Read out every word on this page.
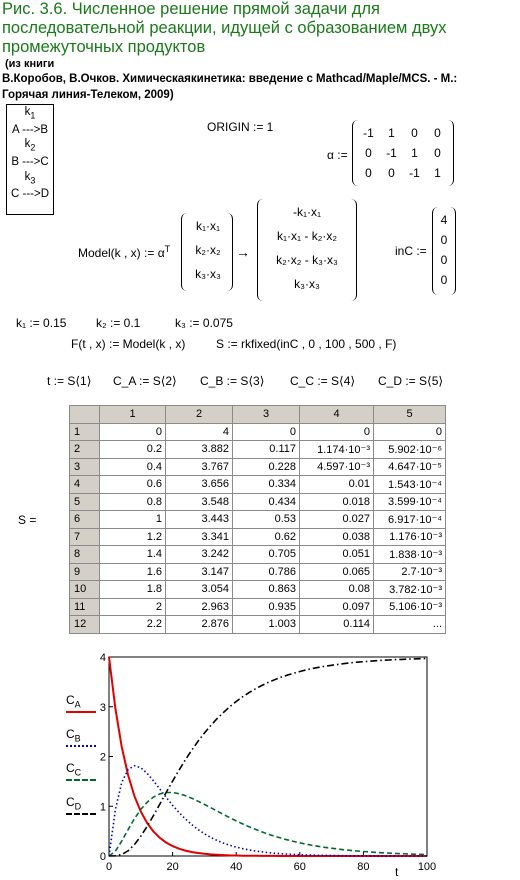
Рис. 3.6. Численное решение прямой задачи для последовательной реакции, идущей с образованием двух промежуточных продуктов
(из книги
В.Коробов, В.Очков. Химическаякинетика: введение с Mathcad/Maple/MCS. - М.:
Горячая линия-Телеком, 2009)
$k_1$
A --->B
$k_2$
B --->C
$k_3$
C --->D
ORIGIN := 1
α :=
-1	1	0	0
0	-1	1	0
0	0	-1	1
Model(k , x) := $\alpha^T$
k₁·x₁
k₂·x₂
k₃·x₃
→
-k₁·x₁
k₁·x₁ - k₂·x₂
k₂·x₂ - k₃·x₃
k₃·x₃
inC :=
4
0
0
0
k₁ := 0.15 k₂ := 0.1	k₃ := 0.075
F(t , x) := Model(k , x)	S := rkfixed(inC , 0 , 100 , 500 , F)
t := S⟨1⟩ C_A := S⟨2⟩ C_B := S⟨3⟩ C_C := S⟨4⟩ C_D := S⟨5⟩
S =
	1	2	3	4	5
1	0	4	0	0	0
2	0.2	3.882	0.117	1.174·10⁻³	5.902·10⁻⁶
3	0.4	3.767	0.228	4.597·10⁻³	4.647·10⁻⁵
4	0.6	3.656	0.334	0.01	1.543·10⁻⁴
5	0.8	3.548	0.434	0.018	3.599·10⁻⁴
6	1	3.443	0.53	0.027	6.917·10⁻⁴
7	1.2	3.341	0.62	0.038	1.176·10⁻³
8	1.4	3.242	0.705	0.051	1.838·10⁻³
9	1.6	3.147	0.786	0.065	2.7·10⁻³
10	1.8	3.054	0.863	0.08	3.782·10⁻³
11	2	2.963	0.935	0.097	5.106·10⁻³
12	2.2	2.876	1.003	0.114	...
0	20	40	60	80	100
0
1
2
3
4
t
$C_A$
$C_B$
$C_C$
$C_D$
